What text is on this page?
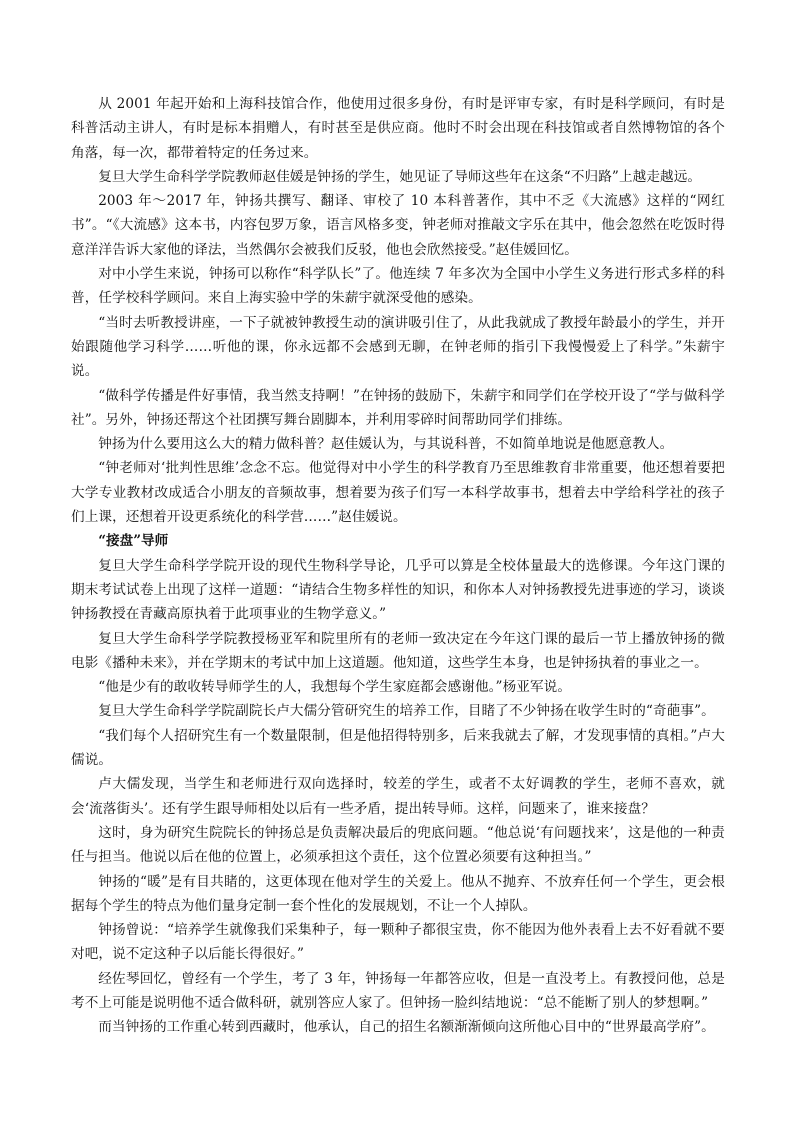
从 2001 年起开始和上海科技馆合作，他使用过很多身份，有时是评审专家，有时是科学顾问，有时是科普活动主讲人，有时是标本捐赠人，有时甚至是供应商。他时不时会出现在科技馆或者自然博物馆的各个角落，每一次，都带着特定的任务过来。

复旦大学生命科学学院教师赵佳媛是钟扬的学生，她见证了导师这些年在这条“不归路”上越走越远。

2003 年～2017 年，钟扬共撰写、翻译、审校了 10 本科普著作，其中不乏《大流感》这样的“网红书”。“《大流感》这本书，内容包罗万象，语言风格多变，钟老师对推敲文字乐在其中，他会忽然在吃饭时得意洋洋告诉大家他的译法，当然偶尔会被我们反驳，他也会欣然接受。”赵佳媛回忆。

对中小学生来说，钟扬可以称作“科学队长”了。他连续 7 年多次为全国中小学生义务进行形式多样的科普，任学校科学顾问。来自上海实验中学的朱薪宇就深受他的感染。

“当时去听教授讲座，一下子就被钟教授生动的演讲吸引住了，从此我就成了教授年龄最小的学生，并开始跟随他学习科学……听他的课，你永远都不会感到无聊，在钟老师的指引下我慢慢爱上了科学。”朱薪宇说。

“做科学传播是件好事情，我当然支持啊！”在钟扬的鼓励下，朱薪宇和同学们在学校开设了“学与做科学社”。另外，钟扬还帮这个社团撰写舞台剧脚本，并利用零碎时间帮助同学们排练。

钟扬为什么要用这么大的精力做科普？赵佳媛认为，与其说科普，不如简单地说是他愿意教人。

“钟老师对‘批判性思维’念念不忘。他觉得对中小学生的科学教育乃至思维教育非常重要，他还想着要把大学专业教材改成适合小朋友的音频故事，想着要为孩子们写一本科学故事书，想着去中学给科学社的孩子们上课，还想着开设更系统化的科学营……”赵佳媛说。

“接盘”导师

复旦大学生命科学学院开设的现代生物科学导论，几乎可以算是全校体量最大的选修课。今年这门课的期末考试试卷上出现了这样一道题：“请结合生物多样性的知识，和你本人对钟扬教授先进事迹的学习，谈谈钟扬教授在青藏高原执着于此项事业的生物学意义。”

复旦大学生命科学学院教授杨亚军和院里所有的老师一致决定在今年这门课的最后一节上播放钟扬的微电影《播种未来》，并在学期末的考试中加上这道题。他知道，这些学生本身，也是钟扬执着的事业之一。

“他是少有的敢收转导师学生的人，我想每个学生家庭都会感谢他。”杨亚军说。

复旦大学生命科学学院副院长卢大儒分管研究生的培养工作，目睹了不少钟扬在收学生时的“奇葩事”。

“我们每个人招研究生有一个数量限制，但是他招得特别多，后来我就去了解，才发现事情的真相。”卢大儒说。

卢大儒发现，当学生和老师进行双向选择时，较差的学生，或者不太好调教的学生，老师不喜欢，就会‘流落街头’。还有学生跟导师相处以后有一些矛盾，提出转导师。这样，问题来了，谁来接盘？

这时，身为研究生院院长的钟扬总是负责解决最后的兜底问题。“他总说‘有问题找来’，这是他的一种责任与担当。他说以后在他的位置上，必须承担这个责任，这个位置必须要有这种担当。”

钟扬的“暖”是有目共睹的，这更体现在他对学生的关爱上。他从不抛弃、不放弃任何一个学生，更会根据每个学生的特点为他们量身定制一套个性化的发展规划，不让一个人掉队。

钟扬曾说：“培养学生就像我们采集种子，每一颗种子都很宝贵，你不能因为他外表看上去不好看就不要对吧，说不定这种子以后能长得很好。”

经佐琴回忆，曾经有一个学生，考了 3 年，钟扬每一年都答应收，但是一直没考上。有教授问他，总是考不上可能是说明他不适合做科研，就别答应人家了。但钟扬一脸纠结地说：“总不能断了别人的梦想啊。”

而当钟扬的工作重心转到西藏时，他承认，自己的招生名额渐渐倾向这所他心目中的“世界最高学府”。
